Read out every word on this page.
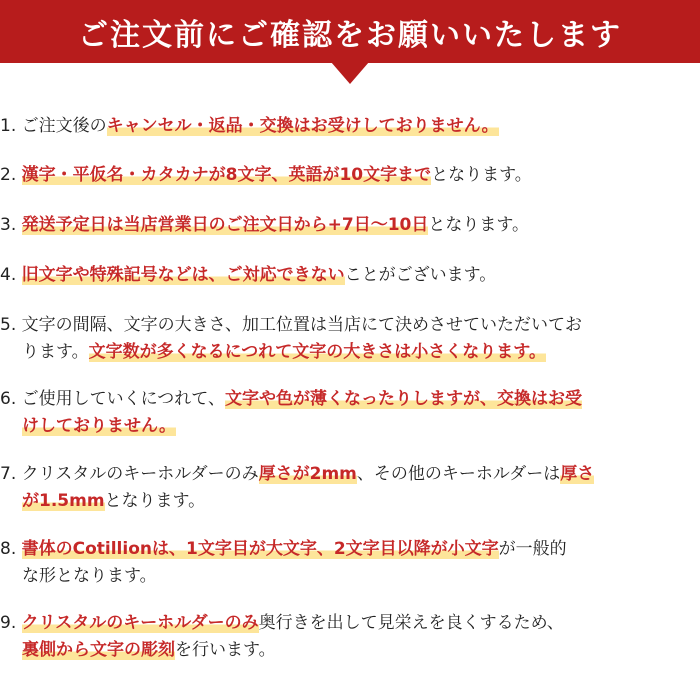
ご注文前にご確認をお願いいたします
1. ご注文後のキャンセル・返品・交換はお受けしておりません。
2. 漢字・平仮名・カタカナが8文字、英語が10文字までとなります。
3. 発送予定日は当店営業日のご注文日から+7日〜10日となります。
4. 旧文字や特殊記号などは、ご対応できないことがございます。
5. 文字の間隔、文字の大きさ、加工位置は当店にて決めさせていただいてお
ります。文字数が多くなるにつれて文字の大きさは小さくなります。
6. ご使用していくにつれて、文字や色が薄くなったりしますが、交換はお受
けしておりません。
7. クリスタルのキーホルダーのみ厚さが2mm、その他のキーホルダーは厚さ
が1.5mmとなります。
8. 書体のCotillionは、1文字目が大文字、2文字目以降が小文字が一般的
な形となります。
9. クリスタルのキーホルダーのみ奥行きを出して見栄えを良くするため、
裏側から文字の彫刻を行います。
